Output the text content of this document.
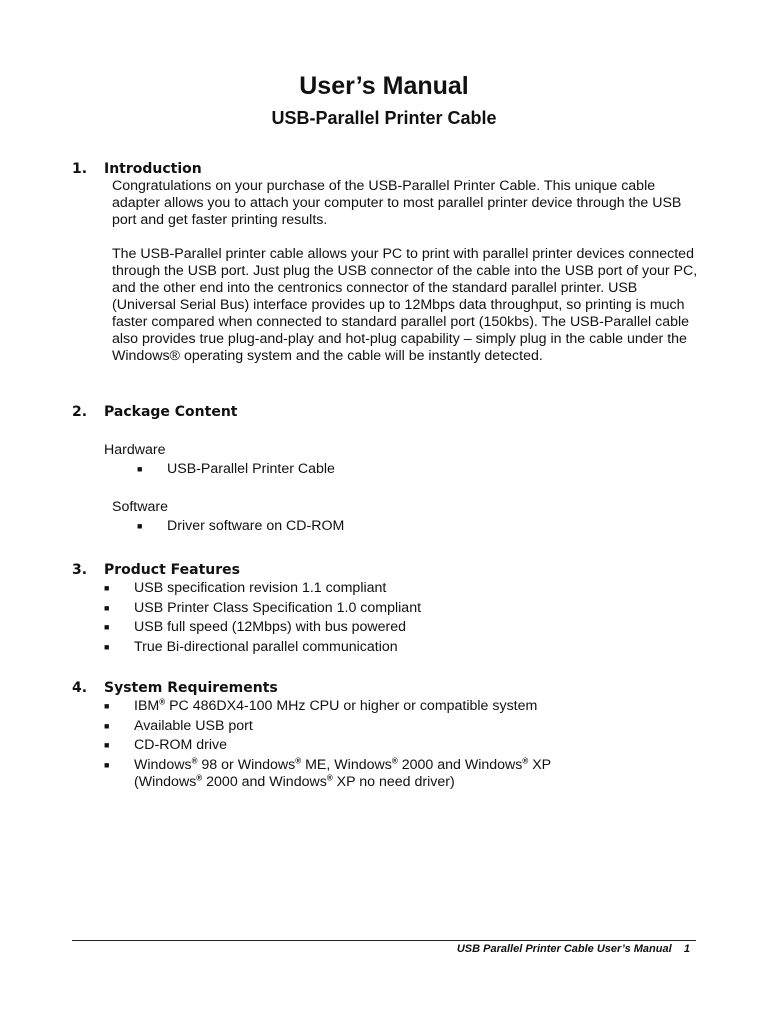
User’s Manual
USB-Parallel Printer Cable
1.	Introduction

Congratulations on your purchase of the USB-Parallel Printer Cable. This unique cable adapter allows you to attach your computer to most parallel printer device through the USB port and get faster printing results.

The USB-Parallel printer cable allows your PC to print with parallel printer devices connected through the USB port. Just plug the USB connector of the cable into the USB port of your PC, and the other end into the centronics connector of the standard parallel printer. USB (Universal Serial Bus) interface provides up to 12Mbps data throughput, so printing is much faster compared when connected to standard parallel port (150kbs). The USB-Parallel cable also provides true plug-and-play and hot-plug capability – simply plug in the cable under the Windows® operating system and the cable will be instantly detected.

2.	Package Content
Hardware
■	USB-Parallel Printer Cable
Software
■	Driver software on CD-ROM
3.	Product Features
■	USB specification revision 1.1 compliant
■	USB Printer Class Specification 1.0 compliant
■	USB full speed (12Mbps) with bus powered
■	True Bi-directional parallel communication
4.	System Requirements
■	IBM® PC 486DX4-100 MHz CPU or higher or compatible system
■	Available USB port
■	CD-ROM drive
■	Windows® 98 or Windows® ME, Windows® 2000 and Windows® XP
(Windows® 2000 and Windows® XP no need driver)
USB Parallel Printer Cable User’s Manual    1
